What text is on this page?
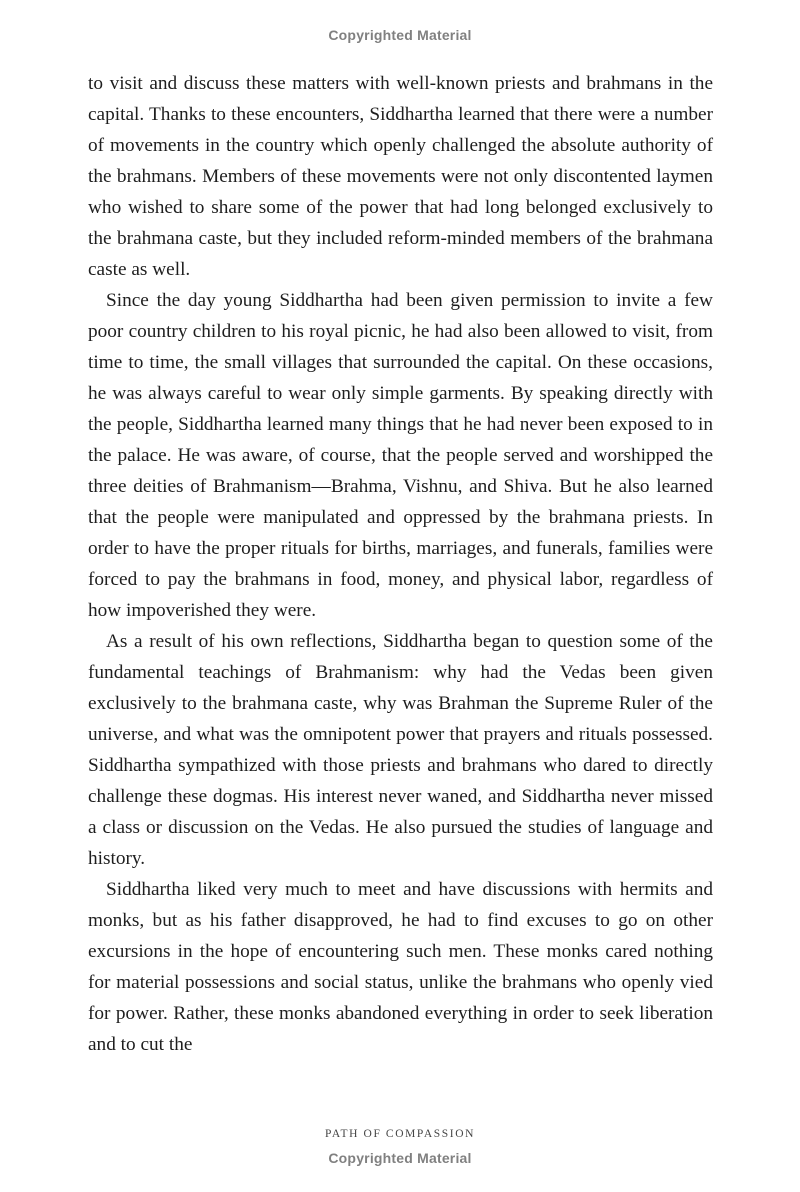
Copyrighted Material

to visit and discuss these matters with well-known priests and brahmans in the capital. Thanks to these encounters, Siddhartha learned that there were a number of movements in the country which openly challenged the absolute authority of the brahmans. Members of these movements were not only discontented laymen who wished to share some of the power that had long belonged exclusively to the brahmana caste, but they included reform-minded members of the brahmana caste as well.

Since the day young Siddhartha had been given permission to invite a few poor country children to his royal picnic, he had also been allowed to visit, from time to time, the small villages that surrounded the capital. On these occasions, he was always careful to wear only simple garments. By speaking directly with the people, Siddhartha learned many things that he had never been exposed to in the palace. He was aware, of course, that the people served and worshipped the three deities of Brahmanism—Brahma, Vishnu, and Shiva. But he also learned that the people were manipulated and oppressed by the brahmana priests. In order to have the proper rituals for births, marriages, and funerals, families were forced to pay the brahmans in food, money, and physical labor, regardless of how impoverished they were.

As a result of his own reflections, Siddhartha began to question some of the fundamental teachings of Brahmanism: why had the Vedas been given exclusively to the brahmana caste, why was Brahman the Supreme Ruler of the universe, and what was the omnipotent power that prayers and rituals possessed. Siddhartha sympathized with those priests and brahmans who dared to directly challenge these dogmas. His interest never waned, and Siddhartha never missed a class or discussion on the Vedas. He also pursued the studies of language and history.

Siddhartha liked very much to meet and have discussions with hermits and monks, but as his father disapproved, he had to find excuses to go on other excursions in the hope of encountering such men. These monks cared nothing for material possessions and social status, unlike the brahmans who openly vied for power. Rather, these monks abandoned everything in order to seek liberation and to cut the

PATH OF COMPASSION
Copyrighted Material
